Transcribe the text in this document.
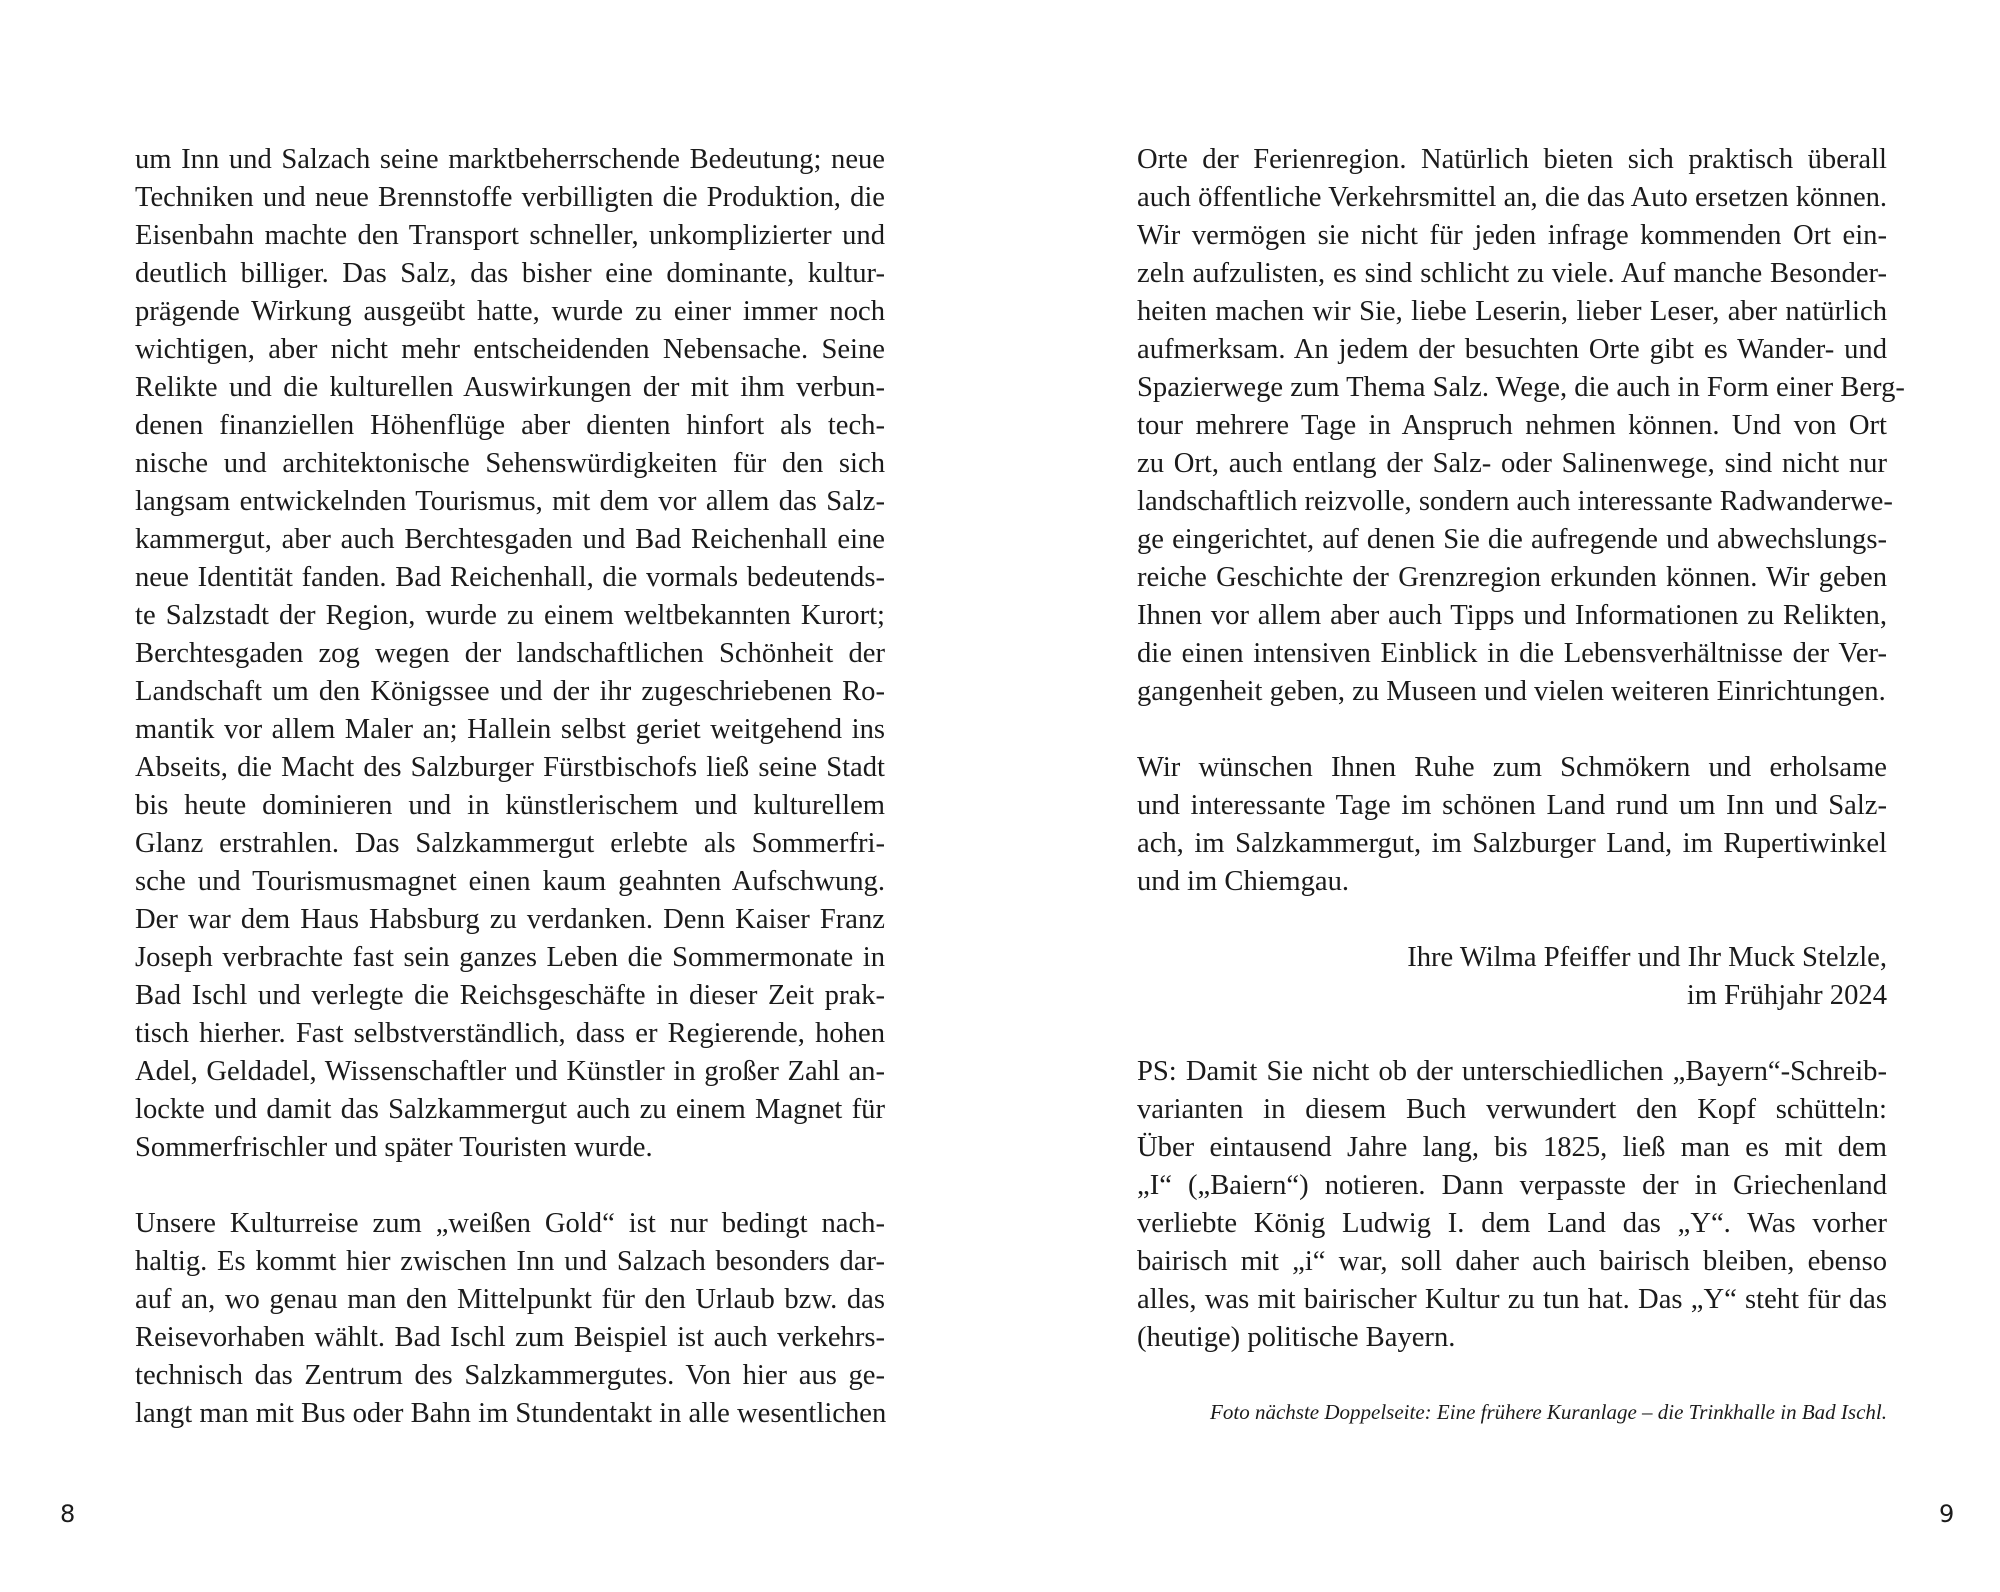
um Inn und Salzach seine marktbeherrschende Bedeutung; neue
Techniken und neue Brennstoffe verbilligten die Produktion, die
Eisenbahn machte den Transport schneller, unkomplizierter und
deutlich billiger. Das Salz, das bisher eine dominante, kultur-
prägende Wirkung ausgeübt hatte, wurde zu einer immer noch
wichtigen, aber nicht mehr entscheidenden Nebensache. Seine
Relikte und die kulturellen Auswirkungen der mit ihm verbun-
denen finanziellen Höhenflüge aber dienten hinfort als tech-
nische und architektonische Sehenswürdigkeiten für den sich
langsam entwickelnden Tourismus, mit dem vor allem das Salz-
kammergut, aber auch Berchtesgaden und Bad Reichenhall eine
neue Identität fanden. Bad Reichenhall, die vormals bedeutends-
te Salzstadt der Region, wurde zu einem weltbekannten Kurort;
Berchtesgaden zog wegen der landschaftlichen Schönheit der
Landschaft um den Königssee und der ihr zugeschriebenen Ro-
mantik vor allem Maler an; Hallein selbst geriet weitgehend ins
Abseits, die Macht des Salzburger Fürstbischofs ließ seine Stadt
bis heute dominieren und in künstlerischem und kulturellem
Glanz erstrahlen. Das Salzkammergut erlebte als Sommerfri-
sche und Tourismusmagnet einen kaum geahnten Aufschwung.
Der war dem Haus Habsburg zu verdanken. Denn Kaiser Franz
Joseph verbrachte fast sein ganzes Leben die Sommermonate in
Bad Ischl und verlegte die Reichsgeschäfte in dieser Zeit prak-
tisch hierher. Fast selbstverständlich, dass er Regierende, hohen
Adel, Geldadel, Wissenschaftler und Künstler in großer Zahl an-
lockte und damit das Salzkammergut auch zu einem Magnet für
Sommerfrischler und später Touristen wurde.
Unsere Kulturreise zum „weißen Gold“ ist nur bedingt nach-
haltig. Es kommt hier zwischen Inn und Salzach besonders dar-
auf an, wo genau man den Mittelpunkt für den Urlaub bzw. das
Reisevorhaben wählt. Bad Ischl zum Beispiel ist auch verkehrs-
technisch das Zentrum des Salzkammergutes. Von hier aus ge-
langt man mit Bus oder Bahn im Stundentakt in alle wesentlichen
Orte der Ferienregion. Natürlich bieten sich praktisch überall
auch öffentliche Verkehrsmittel an, die das Auto ersetzen können.
Wir vermögen sie nicht für jeden infrage kommenden Ort ein-
zeln aufzulisten, es sind schlicht zu viele. Auf manche Besonder-
heiten machen wir Sie, liebe Leserin, lieber Leser, aber natürlich
aufmerksam. An jedem der besuchten Orte gibt es Wander- und
Spazierwege zum Thema Salz. Wege, die auch in Form einer Berg-
tour mehrere Tage in Anspruch nehmen können. Und von Ort
zu Ort, auch entlang der Salz- oder Salinenwege, sind nicht nur
landschaftlich reizvolle, sondern auch interessante Radwanderwe-
ge eingerichtet, auf denen Sie die aufregende und abwechslungs-
reiche Geschichte der Grenzregion erkunden können. Wir geben
Ihnen vor allem aber auch Tipps und Informationen zu Relikten,
die einen intensiven Einblick in die Lebensverhältnisse der Ver-
gangenheit geben, zu Museen und vielen weiteren Einrichtungen.
Wir wünschen Ihnen Ruhe zum Schmökern und erholsame
und interessante Tage im schönen Land rund um Inn und Salz-
ach, im Salzkammergut, im Salzburger Land, im Rupertiwinkel
und im Chiemgau.
Ihre Wilma Pfeiffer und Ihr Muck Stelzle,
im Frühjahr 2024
PS: Damit Sie nicht ob der unterschiedlichen „Bayern“-Schreib-
varianten in diesem Buch verwundert den Kopf schütteln:
Über eintausend Jahre lang, bis 1825, ließ man es mit dem
„I“ („Baiern“) notieren. Dann verpasste der in Griechenland
verliebte König Ludwig I. dem Land das „Y“. Was vorher
bairisch mit „i“ war, soll daher auch bairisch bleiben, ebenso
alles, was mit bairischer Kultur zu tun hat. Das „Y“ steht für das
(heutige) politische Bayern.
Foto nächste Doppelseite: Eine frühere Kuranlage – die Trinkhalle in Bad Ischl.
8	9
